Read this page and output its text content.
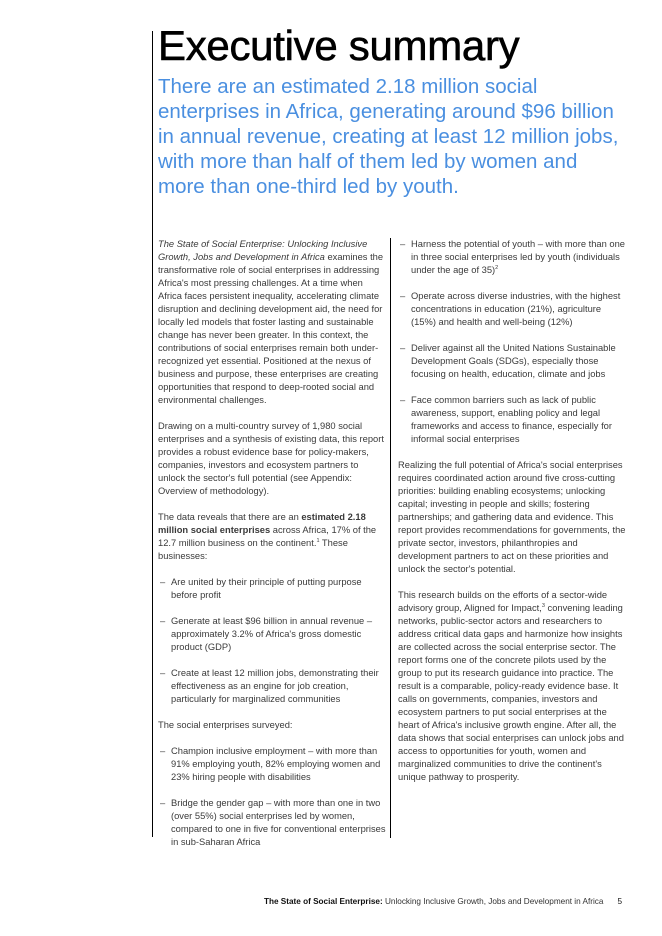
Executive summary

There are an estimated 2.18 million social enterprises in Africa, generating around $96 billion in annual revenue, creating at least 12 million jobs, with more than half of them led by women and more than one-third led by youth.

The State of Social Enterprise: Unlocking Inclusive Growth, Jobs and Development in Africa examines the transformative role of social enterprises in addressing Africa's most pressing challenges. At a time when Africa faces persistent inequality, accelerating climate disruption and declining development aid, the need for locally led models that foster lasting and sustainable change has never been greater. In this context, the contributions of social enterprises remain both under-recognized yet essential. Positioned at the nexus of business and purpose, these enterprises are creating opportunities that respond to deep-rooted social and environmental challenges.

Drawing on a multi-country survey of 1,980 social enterprises and a synthesis of existing data, this report provides a robust evidence base for policy-makers, companies, investors and ecosystem partners to unlock the sector's full potential (see Appendix: Overview of methodology).

The data reveals that there are an estimated 2.18 million social enterprises across Africa, 17% of the 12.7 million business on the continent.$^1$ These businesses:

– Are united by their principle of putting purpose before profit
– Generate at least $96 billion in annual revenue – approximately 3.2% of Africa's gross domestic product (GDP)
– Create at least 12 million jobs, demonstrating their effectiveness as an engine for job creation, particularly for marginalized communities

The social enterprises surveyed:

– Champion inclusive employment – with more than 91% employing youth, 82% employing women and 23% hiring people with disabilities
– Bridge the gender gap – with more than one in two (over 55%) social enterprises led by women, compared to one in five for conventional enterprises in sub-Saharan Africa
– Harness the potential of youth – with more than one in three social enterprises led by youth (individuals under the age of 35)$^2$
– Operate across diverse industries, with the highest concentrations in education (21%), agriculture (15%) and health and well-being (12%)
– Deliver against all the United Nations Sustainable Development Goals (SDGs), especially those focusing on health, education, climate and jobs
– Face common barriers such as lack of public awareness, support, enabling policy and legal frameworks and access to finance, especially for informal social enterprises

Realizing the full potential of Africa's social enterprises requires coordinated action around five cross-cutting priorities: building enabling ecosystems; unlocking capital; investing in people and skills; fostering partnerships; and gathering data and evidence. This report provides recommendations for governments, the private sector, investors, philanthropies and development partners to act on these priorities and unlock the sector's potential.

This research builds on the efforts of a sector-wide advisory group, Aligned for Impact,$^3$ convening leading networks, public-sector actors and researchers to address critical data gaps and harmonize how insights are collected across the social enterprise sector. The report forms one of the concrete pilots used by the group to put its research guidance into practice. The result is a comparable, policy-ready evidence base. It calls on governments, companies, investors and ecosystem partners to put social enterprises at the heart of Africa's inclusive growth engine. After all, the data shows that social enterprises can unlock jobs and access to opportunities for youth, women and marginalized communities to drive the continent's unique pathway to prosperity.

The State of Social Enterprise: Unlocking Inclusive Growth, Jobs and Development in Africa 5
